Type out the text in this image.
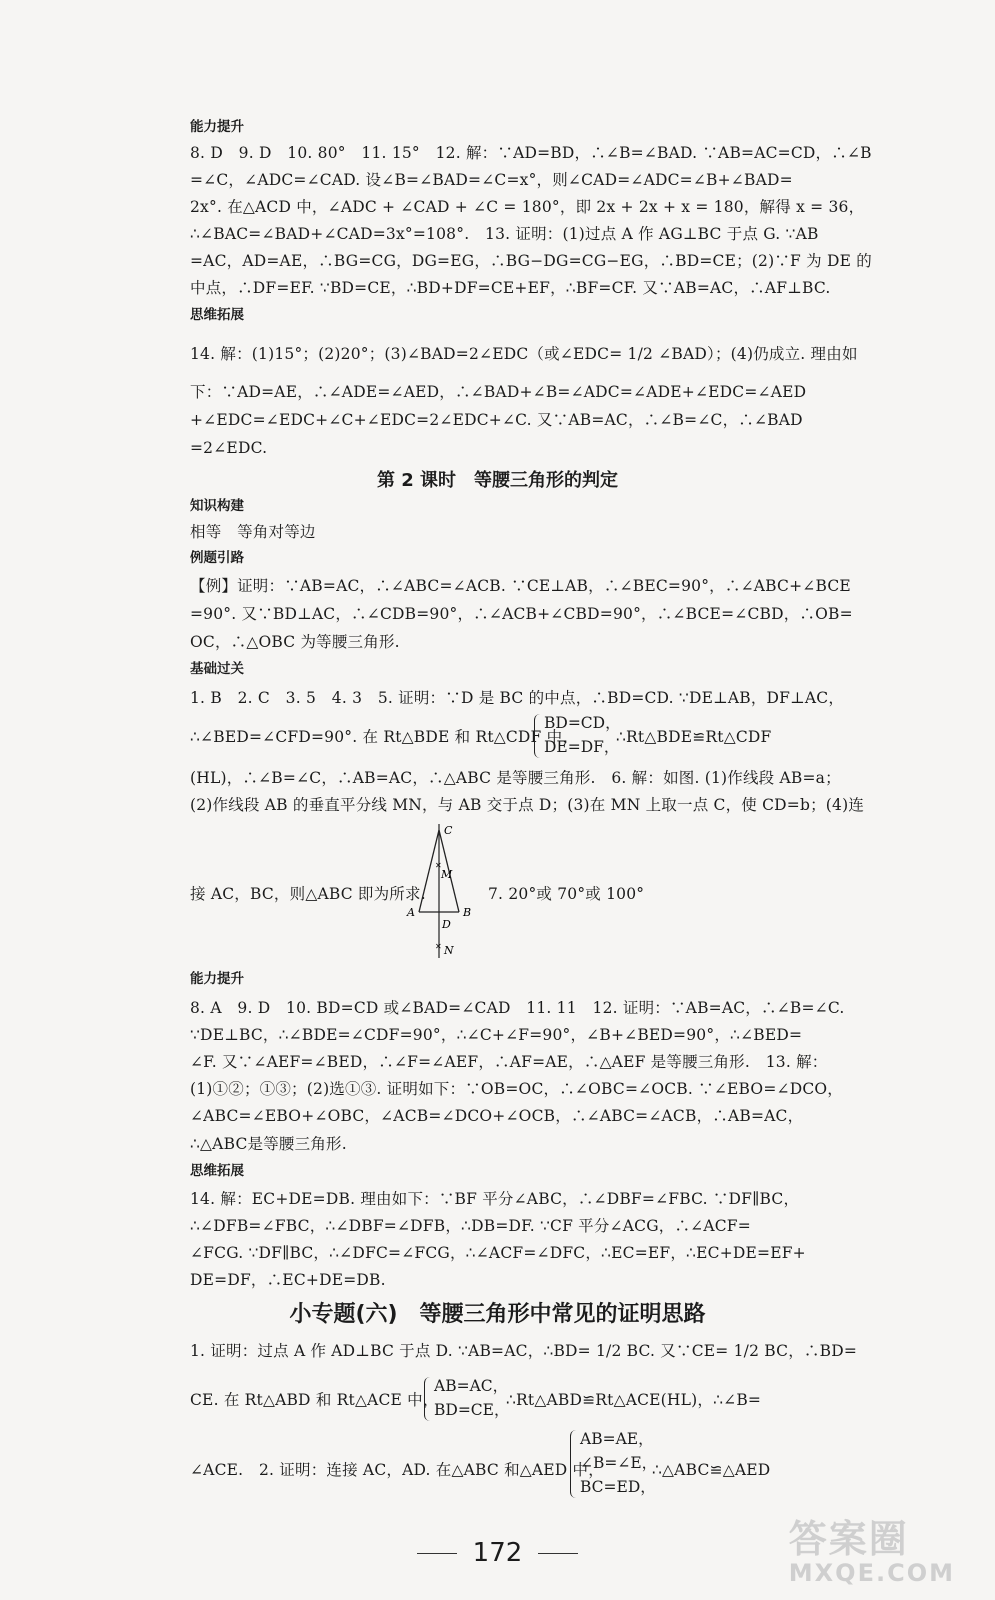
能力提升
8. D　9. D　10. 80°　11. 15°　12. 解：∵AD=BD，∴∠B=∠BAD. ∵AB=AC=CD，∴∠B
=∠C，∠ADC=∠CAD. 设∠B=∠BAD=∠C=x°，则∠CAD=∠ADC=∠B+∠BAD=
2x°. 在△ACD 中，∠ADC + ∠CAD + ∠C = 180°，即 2x + 2x + x = 180，解得 x = 36，
∴∠BAC=∠BAD+∠CAD=3x°=108°.　13. 证明：(1)过点 A 作 AG⊥BC 于点 G. ∵AB
=AC，AD=AE，∴BG=CG，DG=EG，∴BG−DG=CG−EG，∴BD=CE；(2)∵F 为 DE 的
中点，∴DF=EF. ∵BD=CE，∴BD+DF=CE+EF，∴BF=CF. 又∵AB=AC，∴AF⊥BC.
思维拓展
14. 解：(1)15°；(2)20°；(3)∠BAD=2∠EDC（或∠EDC= 1/2 ∠BAD）；(4)仍成立. 理由如
下：∵AD=AE，∴∠ADE=∠AED，∴∠BAD+∠B=∠ADC=∠ADE+∠EDC=∠AED
+∠EDC=∠EDC+∠C+∠EDC=2∠EDC+∠C. 又∵AB=AC，∴∠B=∠C，∴∠BAD
=2∠EDC.
第 2 课时　等腰三角形的判定
知识构建
相等　等角对等边
例题引路
【例】证明：∵AB=AC，∴∠ABC=∠ACB. ∵CE⊥AB，∴∠BEC=90°，∴∠ABC+∠BCE
=90°. 又∵BD⊥AC，∴∠CDB=90°，∴∠ACB+∠CBD=90°，∴∠BCE=∠CBD，∴OB=
OC，∴△OBC 为等腰三角形.
基础过关
1. B　2. C　3. 5　4. 3　5. 证明：∵D 是 BC 的中点，∴BD=CD. ∵DE⊥AB，DF⊥AC，
∴∠BED=∠CFD=90°. 在 Rt△BDE 和 Rt△CDF 中，
BD=CD，
DE=DF，
∴Rt△BDE≌Rt△CDF
(HL)，∴∠B=∠C，∴AB=AC，∴△ABC 是等腰三角形.　6. 解：如图. (1)作线段 AB=a；
(2)作线段 AB 的垂直平分线 MN，与 AB 交于点 D；(3)在 MN 上取一点 C，使 CD=b；(4)连
✕
✕
C
M
A	B
D
N
接 AC，BC，则△ABC 即为所求.	7. 20°或 70°或 100°
能力提升
8. A　9. D　10. BD=CD 或∠BAD=∠CAD　11. 11　12. 证明：∵AB=AC，∴∠B=∠C.
∵DE⊥BC，∴∠BDE=∠CDF=90°，∴∠C+∠F=90°，∠B+∠BED=90°，∴∠BED=
∠F. 又∵∠AEF=∠BED，∴∠F=∠AEF，∴AF=AE，∴△AEF 是等腰三角形.　13. 解：
(1)①②；①③；(2)选①③. 证明如下：∵OB=OC，∴∠OBC=∠OCB. ∵∠EBO=∠DCO，
∠ABC=∠EBO+∠OBC，∠ACB=∠DCO+∠OCB，∴∠ABC=∠ACB，∴AB=AC，
∴△ABC是等腰三角形.
思维拓展
14. 解：EC+DE=DB. 理由如下：∵BF 平分∠ABC，∴∠DBF=∠FBC. ∵DF∥BC，
∴∠DFB=∠FBC，∴∠DBF=∠DFB，∴DB=DF. ∵CF 平分∠ACG，∴∠ACF=
∠FCG. ∵DF∥BC，∴∠DFC=∠FCG，∴∠ACF=∠DFC，∴EC=EF，∴EC+DE=EF+
DE=DF，∴EC+DE=DB.
小专题(六)　等腰三角形中常见的证明思路
1. 证明：过点 A 作 AD⊥BC 于点 D. ∵AB=AC，∴BD= 1/2 BC. 又∵CE= 1/2 BC，∴BD=
CE. 在 Rt△ABD 和 Rt△ACE 中，
AB=AC，
BD=CE，
∴Rt△ABD≌Rt△ACE(HL)，∴∠B=
∠ACE.　2. 证明：连接 AC，AD. 在△ABC 和△AED 中，
AB=AE，
∠B=∠E，
BC=ED，
∴△ABC≌△AED
172	答案圈
MXQE.COM
